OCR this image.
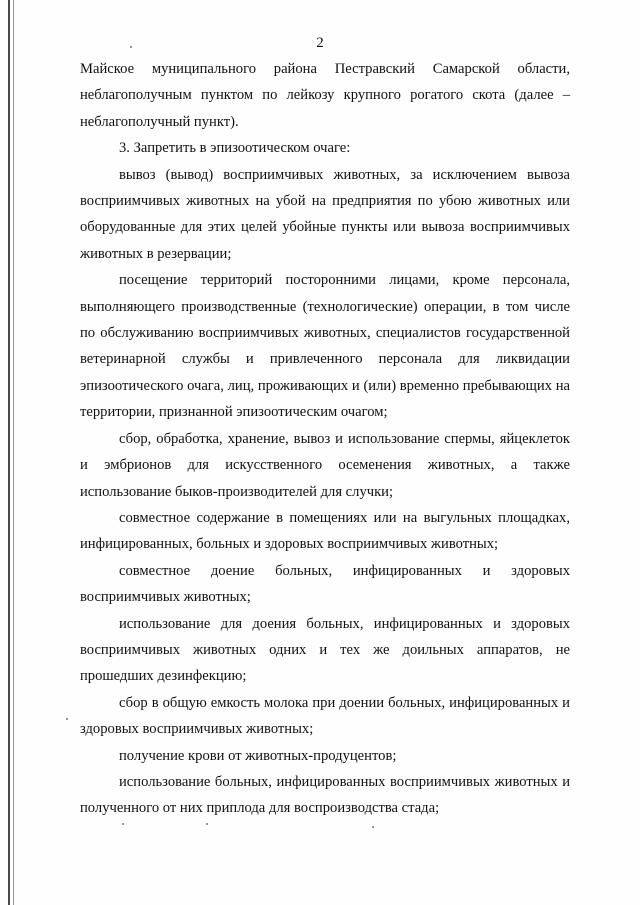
2

Майское муниципального района Пестравский Самарской области, неблагополучным пунктом по лейкозу крупного рогатого скота (далее – неблагополучный пункт).

3. Запретить в эпизоотическом очаге:

вывоз (вывод) восприимчивых животных, за исключением вывоза восприимчивых животных на убой на предприятия по убою животных или оборудованные для этих целей убойные пункты или вывоза восприимчивых животных в резервации;

посещение территорий посторонними лицами, кроме персонала, выполняющего производственные (технологические) операции, в том числе по обслуживанию восприимчивых животных, специалистов государственной ветеринарной службы и привлеченного персонала для ликвидации эпизоотического очага, лиц, проживающих и (или) временно пребывающих на территории, признанной эпизоотическим очагом;

сбор, обработка, хранение, вывоз и использование спермы, яйцеклеток и эмбрионов для искусственного осеменения животных, а также использование быков-производителей для случки;

совместное содержание в помещениях или на выгульных площадках, инфицированных, больных и здоровых восприимчивых животных;

совместное доение больных, инфицированных и здоровых восприимчивых животных;

использование для доения больных, инфицированных и здоровых восприимчивых животных одних и тех же доильных аппаратов, не прошедших дезинфекцию;

сбор в общую емкость молока при доении больных, инфицированных и здоровых восприимчивых животных;

получение крови от животных-продуцентов;

использование больных, инфицированных восприимчивых животных и полученного от них приплода для воспроизводства стада;
